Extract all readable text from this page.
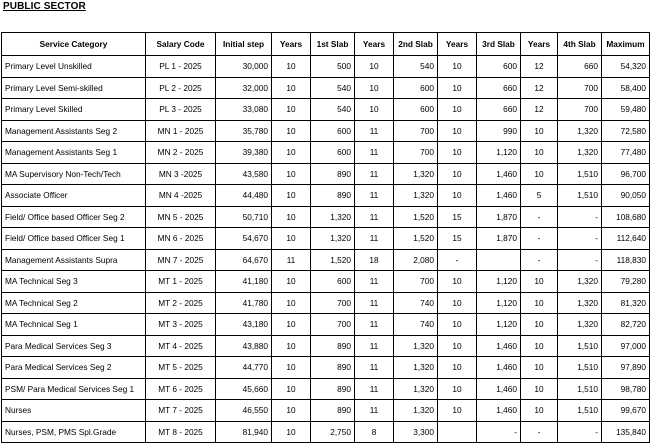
PUBLIC SECTOR
Service Category	Salary Code	Initial step	Years	1st Slab	Years	2nd Slab	Years	3rd Slab	Years	4th Slab	Maximum
Primary Level Unskilled	PL 1 - 2025	30,000	10	500	10	540	10	600	12	660	54,320
Primary Level Semi-skilled	PL 2 - 2025	32,000	10	540	10	600	10	660	12	700	58,400
Primary Level Skilled	PL 3 - 2025	33,080	10	540	10	600	10	660	12	700	59,480
Management Assistants Seg 2	MN 1 - 2025	35,780	10	600	11	700	10	990	10	1,320	72,580
Management Assistants Seg 1	MN 2 - 2025	39,380	10	600	11	700	10	1,120	10	1,320	77,480
MA Supervisory Non-Tech/Tech	MN 3 -2025	43,580	10	890	11	1,320	10	1,460	10	1,510	96,700
Associate Officer	MN 4 -2025	44,480	10	890	11	1,320	10	1,460	5	1,510	90,050
Field/ Office based Officer Seg 2	MN 5 - 2025	50,710	10	1,320	11	1,520	15	1,870	-	-	108,680
Field/ Office based Officer Seg 1	MN 6 - 2025	54,670	10	1,320	11	1,520	15	1,870	-	-	112,640
Management Assistants Supra	MN 7 - 2025	64,670	11	1,520	18	2,080	-		-	-	118,830
MA Technical Seg 3	MT 1 - 2025	41,180	10	600	11	700	10	1,120	10	1,320	79,280
MA Technical Seg 2	MT 2 - 2025	41,780	10	700	11	740	10	1,120	10	1,320	81,320
MA Technical Seg 1	MT 3 - 2025	43,180	10	700	11	740	10	1,120	10	1,320	82,720
Para Medical Services Seg 3	MT 4 - 2025	43,880	10	890	11	1,320	10	1,460	10	1,510	97,000
Para Medical Services Seg 2	MT 5 - 2025	44,770	10	890	11	1,320	10	1,460	10	1,510	97,890
PSM/ Para Medical Services Seg 1	MT 6 - 2025	45,660	10	890	11	1,320	10	1,460	10	1,510	98,780
Nurses	MT 7 - 2025	46,550	10	890	11	1,320	10	1,460	10	1,510	99,670
Nurses, PSM, PMS Spl.Grade	MT 8 - 2025	81,940	10	2,750	8	3,300		-	-	-	135,840
